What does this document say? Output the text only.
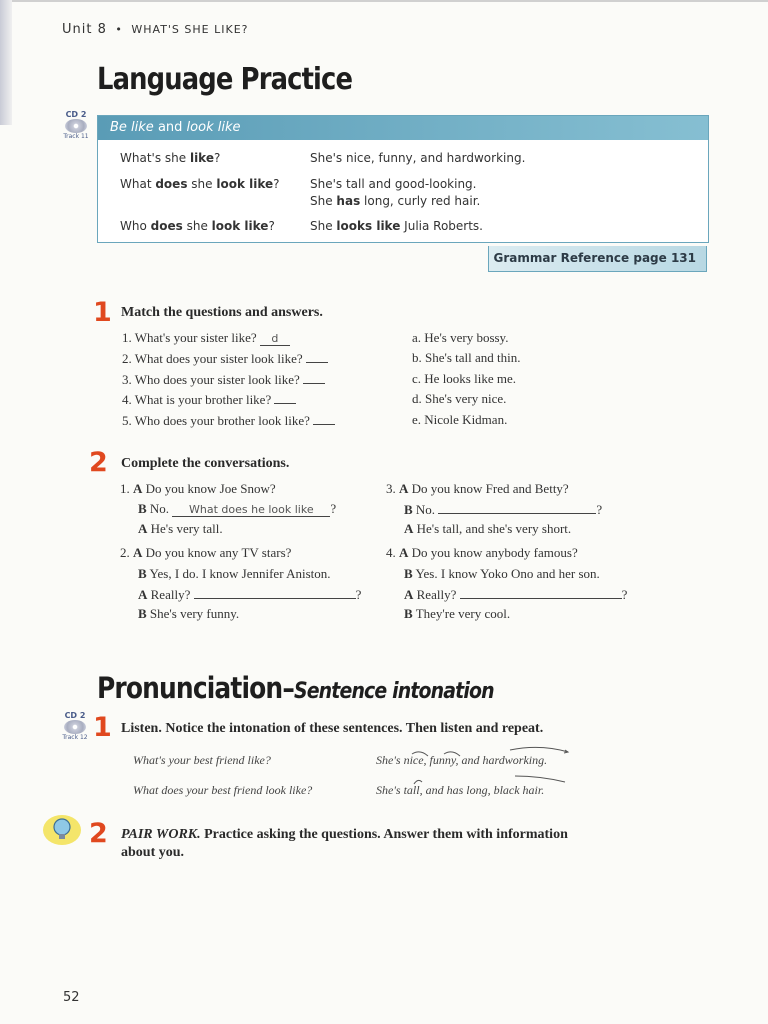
Unit 8 • WHAT'S SHE LIKE?
Language Practice
CD 2
Track 11
Be like and look like
What's she like?	She's nice, funny, and hardworking.
What does she look like?	She's tall and good-looking.
She has long, curly red hair.
Who does she look like?	She looks like Julia Roberts.
Grammar Reference page 131
1 Match the questions and answers.
1. What's your sister like? d
2. What does your sister look like?
3. Who does your sister look like?
4. What is your brother like?
5. Who does your brother look like?
a. He's very bossy.
b. She's tall and thin.
c. He looks like me.
d. She's very nice.
e. Nicole Kidman.
2 Complete the conversations.
1. A Do you know Joe Snow?
B No. What does he look like ?
A He's very tall.
2. A Do you know any TV stars?
B Yes, I do. I know Jennifer Aniston.
A Really?	?
B She's very funny.
3. A Do you know Fred and Betty?
B No.	?
A He's tall, and she's very short.
4. A Do you know anybody famous?
B Yes. I know Yoko Ono and her son.
A Really?	?
B They're very cool.
Pronunciation–Sentence intonation
CD 2
Track 12 1 Listen. Notice the intonation of these sentences. Then listen and repeat.
What's your best friend like?	She's nice, funny, and hardworking.
What does your best friend look like?	She's tall, and has long, black hair.
2 PAIR WORK. Practice asking the questions. Answer them with information
about you.
52
